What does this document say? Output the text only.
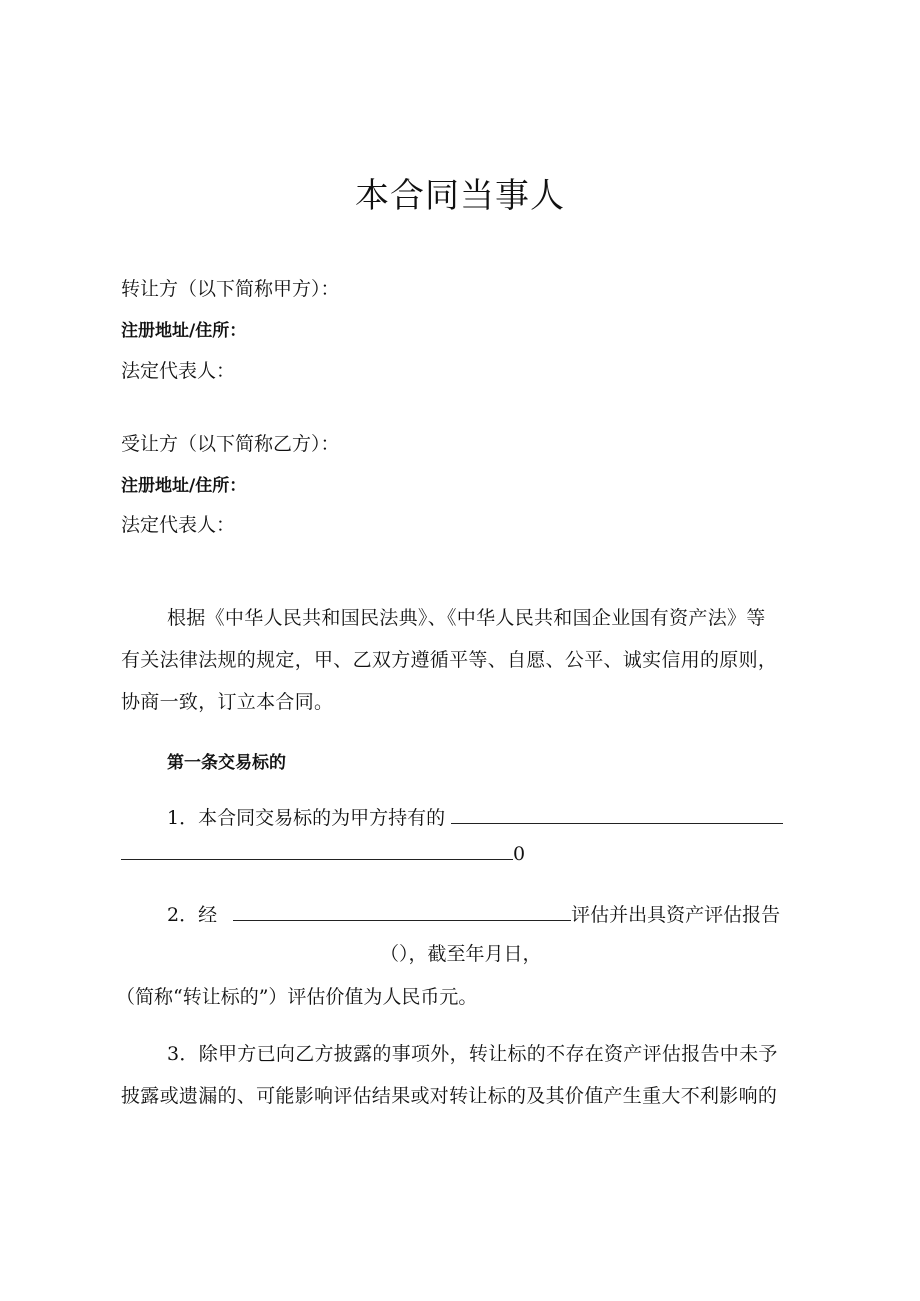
本合同当事人
转让方（以下简称甲方）：
注册地址/住所：
法定代表人：
受让方（以下简称乙方）：
注册地址/住所：
法定代表人：
根据《中华人民共和国民法典》、《中华人民共和国企业国有资产法》等
有关法律法规的规定，甲、乙双方遵循平等、自愿、公平、诚实信用的原则，
协商一致，订立本合同。
第一条交易标的
1．本合同交易标的为甲方持有的
0
2．经	评估并出具资产评估报告
（），截至年月日，
（简称“转让标的”）评估价值为人民币元。
3．除甲方已向乙方披露的事项外，转让标的不存在资产评估报告中未予
披露或遗漏的、可能影响评估结果或对转让标的及其价值产生重大不利影响的
